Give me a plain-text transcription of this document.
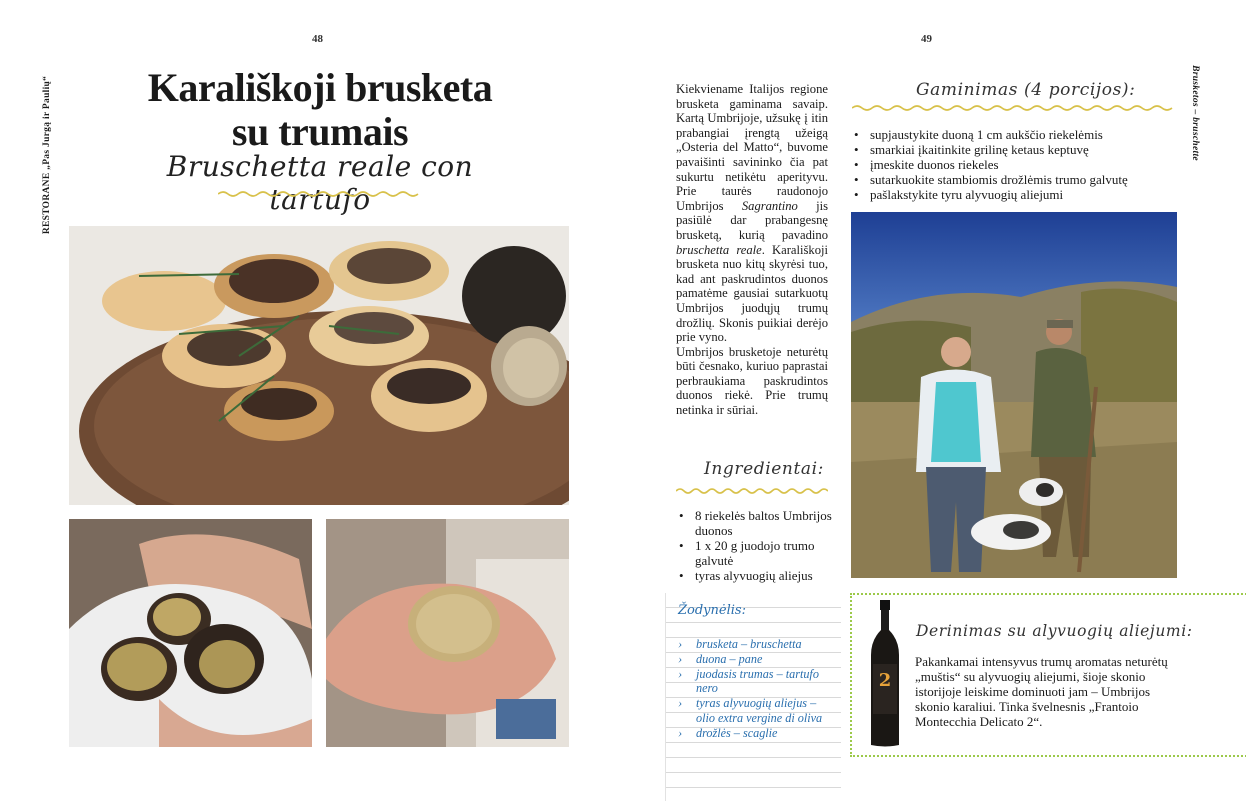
48	49
RESTORANE „Pas Jurgą ir Paulių“	Brusketos – bruschette
Karališkoji brusketa
su trumais
Bruschetta reale con tartufo

Kiekviename Italijos regione brusketa gaminama savaip. Kartą Umbrijoje, užsukę į itin prabangiai įrengtą užeigą „Osteria del Matto“, buvome pavaišinti savininko čia pat sukurtu netikėtu aperityvu. Prie taurės raudonojo Umbrijos Sagrantino jis pasiūlė dar prabangesnę brusketą, kurią pavadino bruschetta reale. Karališkoji brusketa nuo kitų skyrėsi tuo, kad ant paskrudintos duonos pamatėme gausiai sutarkuotų Umbrijos juodųjų trumų drožlių. Skonis puikiai derėjo prie vyno.

Umbrijos brusketoje neturėtų būti česnako, kuriuo paprastai perbraukiama paskrudintos duonos riekė. Prie trumų netinka ir sūriai.

Ingredientai:
• 8 riekelės baltos Umbrijos duonos
• 1 x 20 g juodojo trumo galvutė
• tyras alyvuogių aliejus
Žodynėlis:
› brusketa – bruschetta
› duona – pane
› juodasis trumas – tartufo nero
› tyras alyvuogių aliejus – olio extra vergine di oliva
› drožlės – scaglie
Gaminimas (4 porcijos):
• supjaustykite duoną 1 cm aukščio riekelėmis
• smarkiai įkaitinkite grilinę ketaus keptuvę
• įmeskite duonos riekeles
• sutarkuokite stambiomis drožlėmis trumo galvutę
• pašlakstykite tyru alyvuogių aliejumi
2
Derinimas su alyvuogių aliejumi:
Pakankamai intensyvus trumų aromatas neturėtų „muštis“ su alyvuogių aliejumi, šioje skonio istorijoje leiskime dominuoti jam – Umbrijos skonio karaliui. Tinka švelnesnis „Frantoio Montecchia Delicato 2“.
